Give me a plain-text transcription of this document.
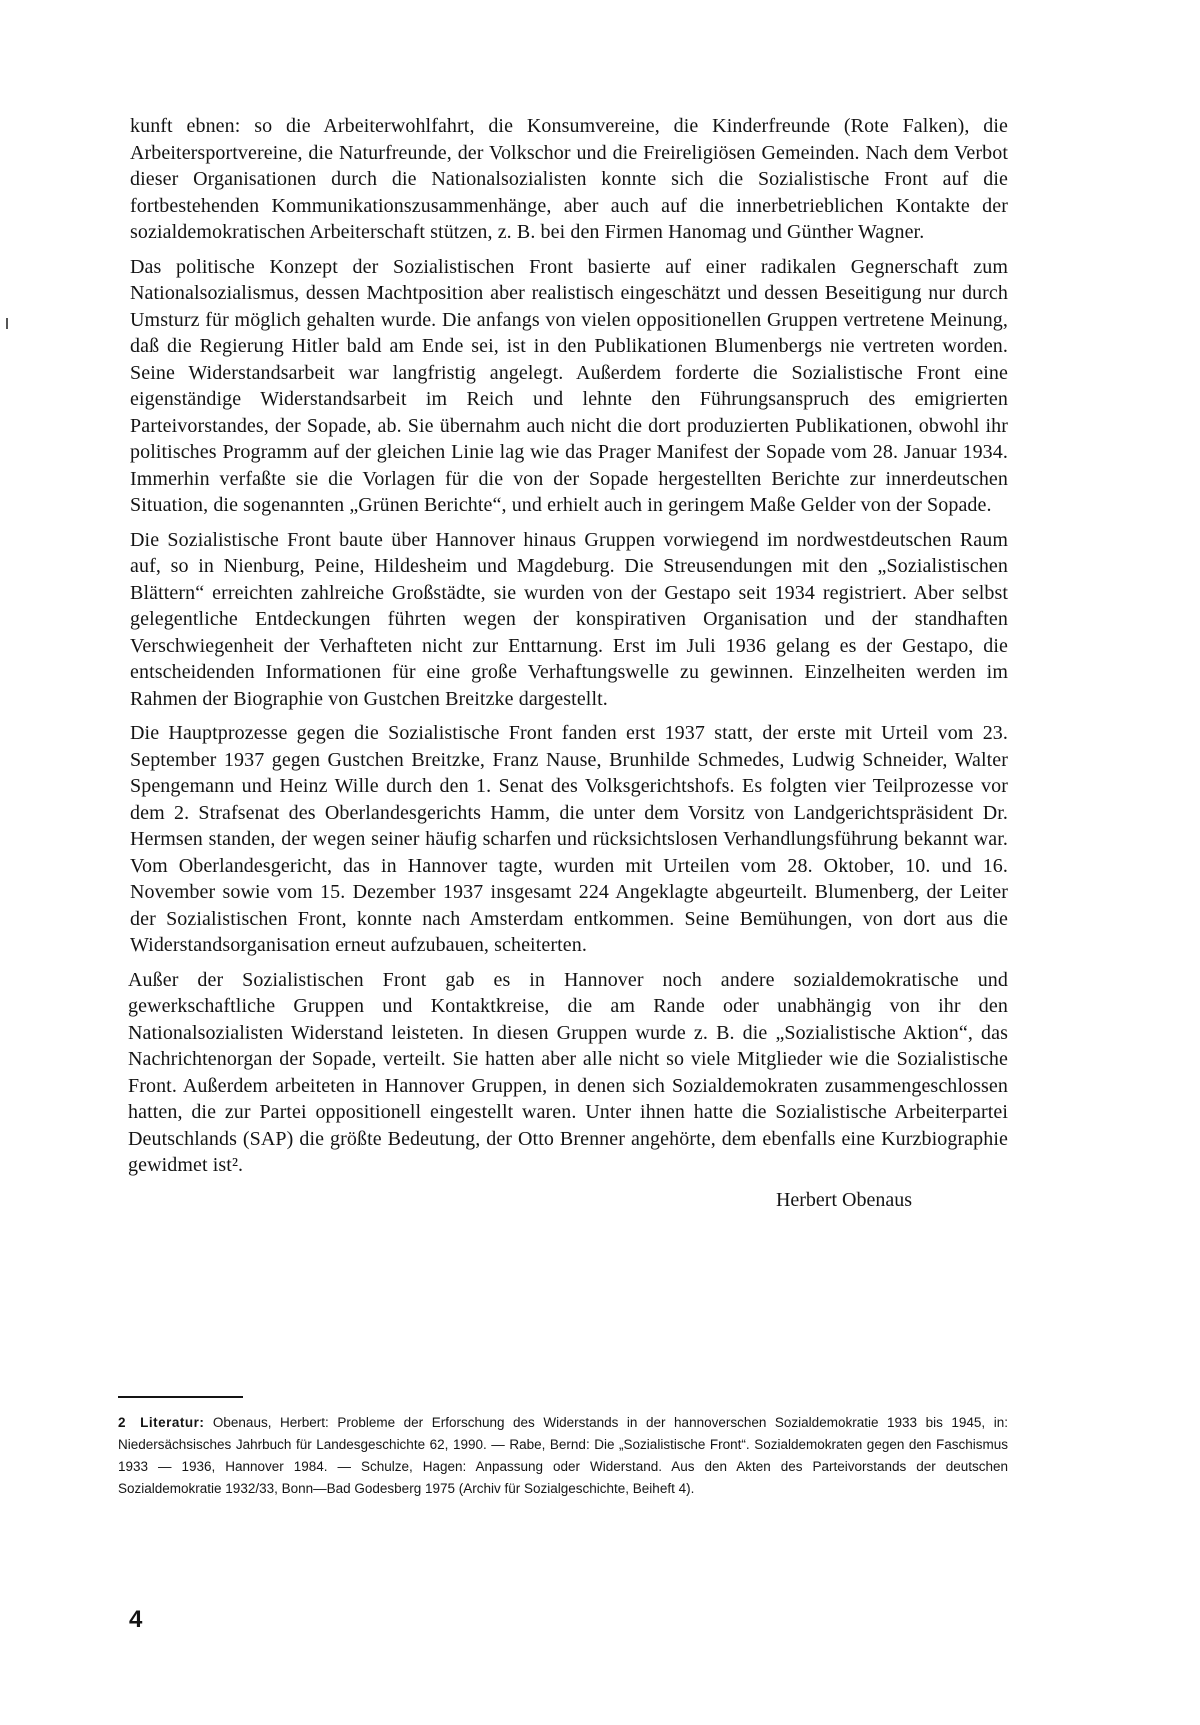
kunft ebnen: so die Arbeiterwohlfahrt, die Konsumvereine, die Kinderfreunde (Rote Falken), die Arbeitersportvereine, die Naturfreunde, der Volkschor und die Freireligiösen Gemeinden. Nach dem Verbot dieser Organisationen durch die Nationalsozialisten konnte sich die Sozialistische Front auf die fortbestehenden Kommunikationszusammenhänge, aber auch auf die innerbetrieblichen Kontakte der sozialdemokratischen Arbeiterschaft stützen, z. B. bei den Firmen Hanomag und Günther Wagner.

Das politische Konzept der Sozialistischen Front basierte auf einer radikalen Gegnerschaft zum Nationalsozialismus, dessen Machtposition aber realistisch eingeschätzt und dessen Beseitigung nur durch Umsturz für möglich gehalten wurde. Die anfangs von vielen oppositionellen Gruppen vertretene Meinung, daß die Regierung Hitler bald am Ende sei, ist in den Publikationen Blumenbergs nie vertreten worden. Seine Widerstandsarbeit war langfristig angelegt. Außerdem forderte die Sozialistische Front eine eigenständige Widerstandsarbeit im Reich und lehnte den Führungsanspruch des emigrierten Parteivorstandes, der Sopade, ab. Sie übernahm auch nicht die dort produzierten Publikationen, obwohl ihr politisches Programm auf der gleichen Linie lag wie das Prager Manifest der Sopade vom 28. Januar 1934. Immerhin verfaßte sie die Vorlagen für die von der Sopade hergestellten Berichte zur innerdeutschen Situation, die sogenannten „Grünen Berichte“, und erhielt auch in geringem Maße Gelder von der Sopade.

Die Sozialistische Front baute über Hannover hinaus Gruppen vorwiegend im nordwestdeutschen Raum auf, so in Nienburg, Peine, Hildesheim und Magdeburg. Die Streusendungen mit den „Sozialistischen Blättern“ erreichten zahlreiche Großstädte, sie wurden von der Gestapo seit 1934 registriert. Aber selbst gelegentliche Entdeckungen führten wegen der konspirativen Organisation und der standhaften Verschwiegenheit der Verhafteten nicht zur Enttarnung. Erst im Juli 1936 gelang es der Gestapo, die entscheidenden Informationen für eine große Verhaftungswelle zu gewinnen. Einzelheiten werden im Rahmen der Biographie von Gustchen Breitzke dargestellt.

Die Hauptprozesse gegen die Sozialistische Front fanden erst 1937 statt, der erste mit Urteil vom 23. September 1937 gegen Gustchen Breitzke, Franz Nause, Brunhilde Schmedes, Ludwig Schneider, Walter Spengemann und Heinz Wille durch den 1. Senat des Volksgerichtshofs. Es folgten vier Teilprozesse vor dem 2. Strafsenat des Oberlandesgerichts Hamm, die unter dem Vorsitz von Landgerichtspräsident Dr. Hermsen standen, der wegen seiner häufig scharfen und rücksichtslosen Verhandlungsführung bekannt war. Vom Oberlandesgericht, das in Hannover tagte, wurden mit Urteilen vom 28. Oktober, 10. und 16. November sowie vom 15. Dezember 1937 insgesamt 224 Angeklagte abgeurteilt. Blumenberg, der Leiter der Sozialistischen Front, konnte nach Amsterdam entkommen. Seine Bemühungen, von dort aus die Widerstandsorganisation erneut aufzubauen, scheiterten.

Außer der Sozialistischen Front gab es in Hannover noch andere sozialdemokratische und gewerkschaftliche Gruppen und Kontaktkreise, die am Rande oder unabhängig von ihr den Nationalsozialisten Widerstand leisteten. In diesen Gruppen wurde z. B. die „Sozialistische Aktion“, das Nachrichtenorgan der Sopade, verteilt. Sie hatten aber alle nicht so viele Mitglieder wie die Sozialistische Front. Außerdem arbeiteten in Hannover Gruppen, in denen sich Sozialdemokraten zusammengeschlossen hatten, die zur Partei oppositionell eingestellt waren. Unter ihnen hatte die Sozialistische Arbeiterpartei Deutschlands (SAP) die größte Bedeutung, der Otto Brenner angehörte, dem ebenfalls eine Kurzbiographie gewidmet ist².

Herbert Obenaus
2 Literatur: Obenaus, Herbert: Probleme der Erforschung des Widerstands in der hannoverschen Sozialdemokratie 1933 bis 1945, in: Niedersächsisches Jahrbuch für Landesgeschichte 62, 1990. — Rabe, Bernd: Die „Sozialistische Front“. Sozialdemokraten gegen den Faschismus 1933 — 1936, Hannover 1984. — Schulze, Hagen: Anpassung oder Widerstand. Aus den Akten des Parteivorstands der deutschen Sozialdemokratie 1932/33, Bonn—Bad Godesberg 1975 (Archiv für Sozialgeschichte, Beiheft 4).
4
